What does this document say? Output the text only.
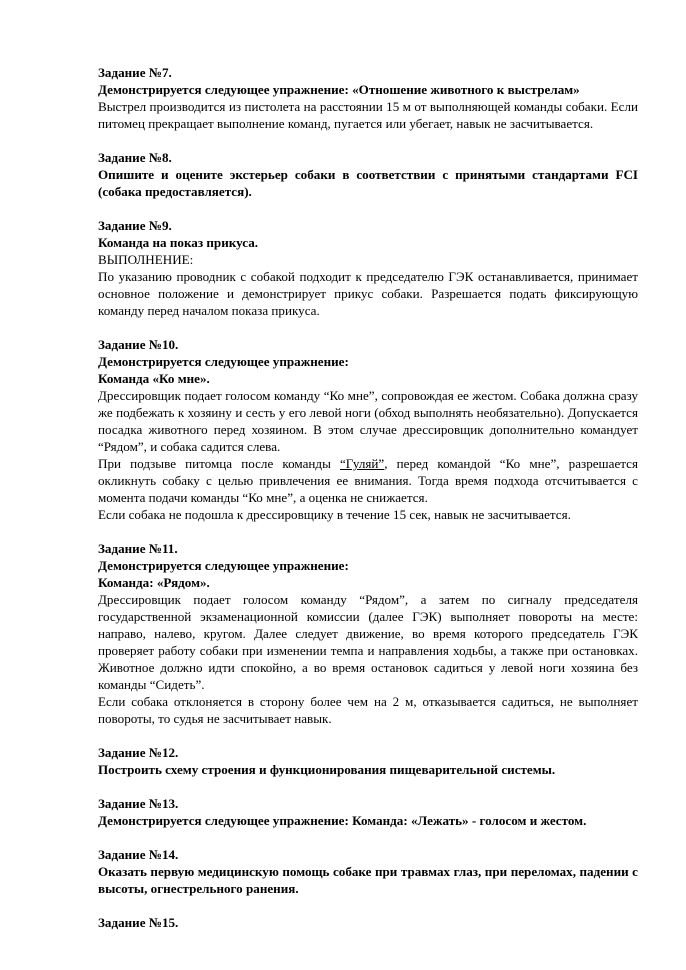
Задание №7.

Демонстрируется следующее упражнение: «Отношение животного к выстрелам»

Выстрел производится из пистолета на расстоянии 15 м от выполняющей команды собаки. Если питомец прекращает выполнение команд, пугается или убегает, навык не засчитывается.

Задание №8.

Опишите и оцените экстерьер собаки в соответствии с принятыми стандартами FCI (собака предоставляется).

Задание №9.

Команда на показ прикуса.

ВЫПОЛНЕНИЕ:

По указанию проводник с собакой подходит к председателю ГЭК останавливается, принимает основное положение и демонстрирует прикус собаки. Разрешается подать фиксирующую команду перед началом показа прикуса.

Задание №10.

Демонстрируется следующее упражнение:

Команда «Ко мне».

Дрессировщик подает голосом команду “Ко мне”, сопровождая ее жестом. Собака должна сразу же подбежать к хозяину и сесть у его левой ноги (обход выполнять необязательно). Допускается посадка животного перед хозяином. В этом случае дрессировщик дополнительно командует “Рядом”, и собака садится слева.

При подзыве питомца после команды “Гуляй”, перед командой “Ко мне”, разрешается окликнуть собаку с целью привлечения ее внимания. Тогда время подхода отсчитывается с момента подачи команды “Ко мне”, а оценка не снижается.

Если собака не подошла к дрессировщику в течение 15 сек, навык не засчитывается.

Задание №11.

Демонстрируется следующее упражнение:

Команда: «Рядом».

Дрессировщик подает голосом команду “Рядом”, а затем по сигналу председателя государственной экзаменационной комиссии (далее ГЭК) выполняет повороты на месте: направо, налево, кругом. Далее следует движение, во время которого председатель ГЭК проверяет работу собаки при изменении темпа и направления ходьбы, а также при остановках. Животное должно идти спокойно, а во время остановок садиться у левой ноги хозяина без команды “Сидеть”.

Если собака отклоняется в сторону более чем на 2 м, отказывается садиться, не выполняет повороты, то судья не засчитывает навык.

Задание №12.

Построить схему строения и функционирования пищеварительной системы.

Задание №13.

Демонстрируется следующее упражнение: Команда: «Лежать» - голосом и жестом.

Задание №14.

Оказать первую медицинскую помощь собаке при травмах глаз, при переломах, падении с высоты, огнестрельного ранения.

Задание №15.
